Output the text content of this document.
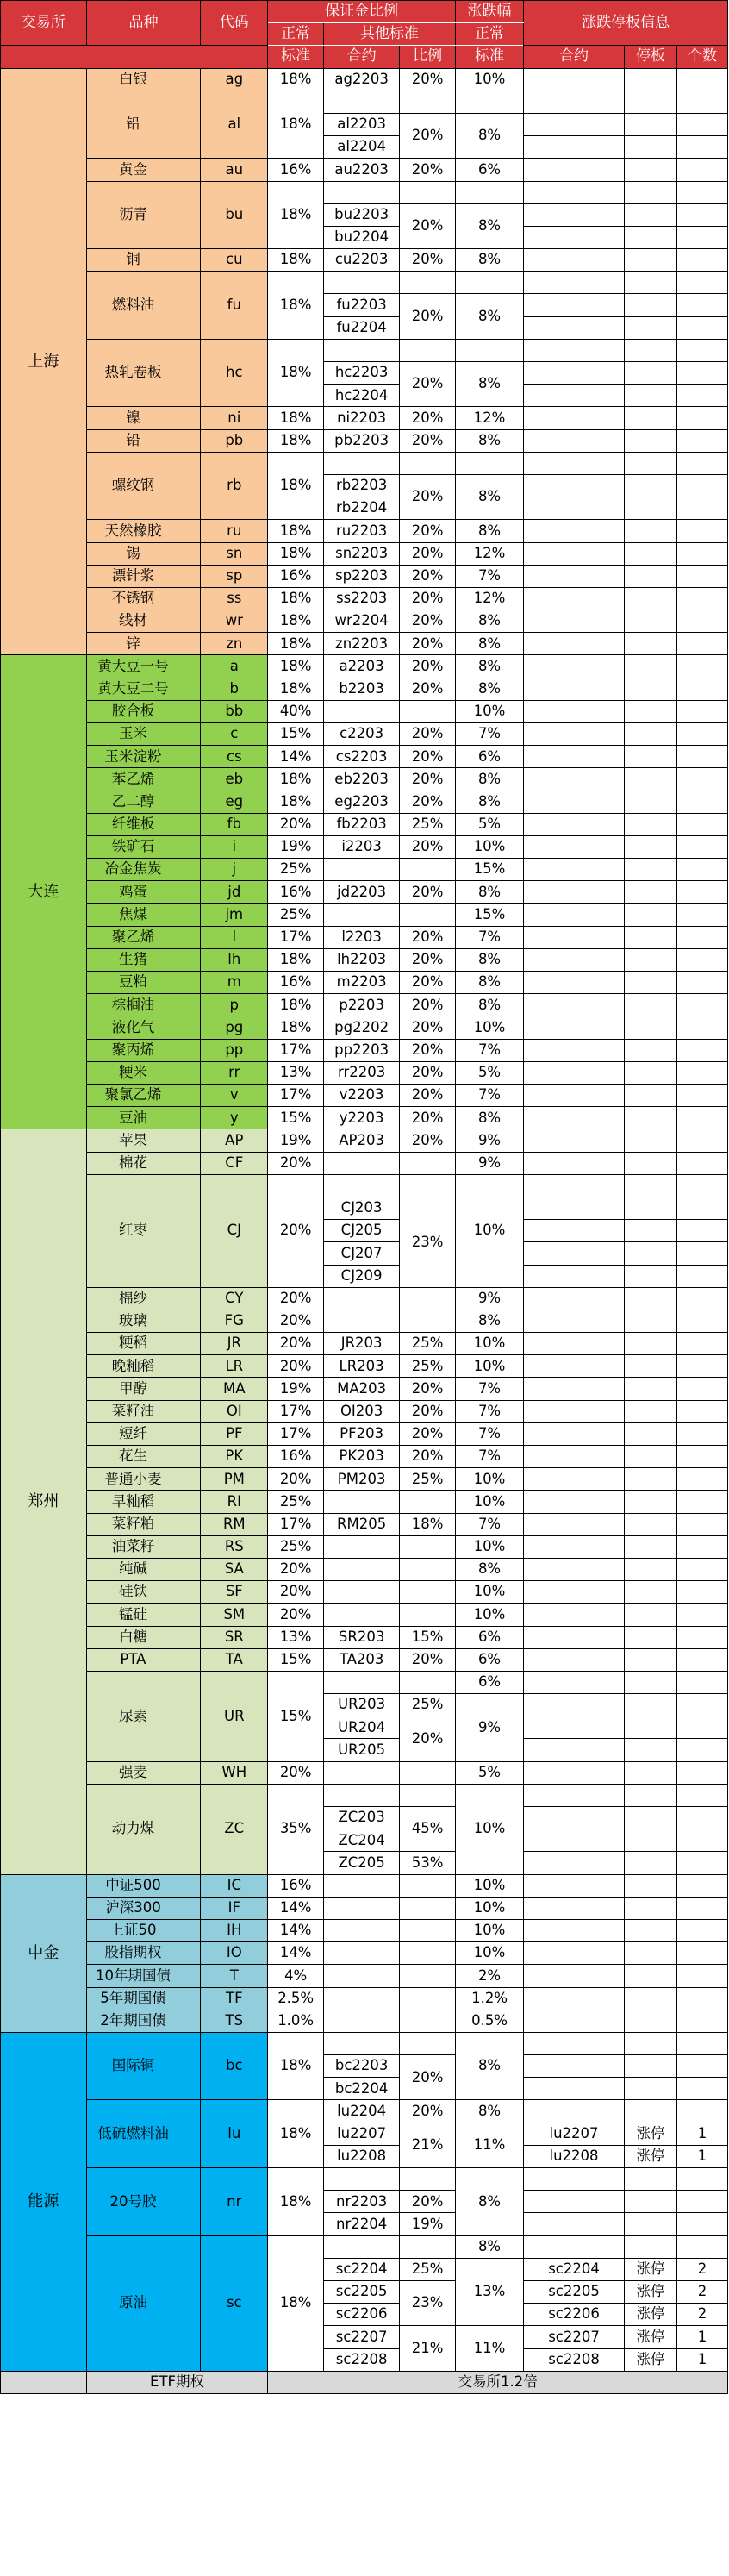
交易所	品种	代码	保证金比例			涨跌幅	涨跌停板信息		
			正常	其他标准		正常			
			标准	合约	比例	标准	合约	停板	个数
上海	白银	ag	18%	ag2203	20%	10%			
	铅	al	18%						
				al2203	20%	8%			
				al2204					
	黄金	au	16%	au2203	20%	6%			
	沥青	bu	18%						
				bu2203	20%	8%			
				bu2204					
	铜	cu	18%	cu2203	20%	8%			
	燃料油	fu	18%						
				fu2203	20%	8%			
				fu2204					
	热轧卷板	hc	18%						
				hc2203	20%	8%			
				hc2204					
	镍	ni	18%	ni2203	20%	12%			
	铅	pb	18%	pb2203	20%	8%			
	螺纹钢	rb	18%						
				rb2203	20%	8%			
				rb2204					
	天然橡胶	ru	18%	ru2203	20%	8%			
	锡	sn	18%	sn2203	20%	12%			
	漂针浆	sp	16%	sp2203	20%	7%			
	不锈钢	ss	18%	ss2203	20%	12%			
	线材	wr	18%	wr2204	20%	8%			
	锌	zn	18%	zn2203	20%	8%			
大连	黄大豆一号	a	18%	a2203	20%	8%			
	黄大豆二号	b	18%	b2203	20%	8%			
	胶合板	bb	40%			10%			
	玉米	c	15%	c2203	20%	7%			
	玉米淀粉	cs	14%	cs2203	20%	6%			
	苯乙烯	eb	18%	eb2203	20%	8%			
	乙二醇	eg	18%	eg2203	20%	8%			
	纤维板	fb	20%	fb2203	25%	5%			
	铁矿石	i	19%	i2203	20%	10%			
	冶金焦炭	j	25%			15%			
	鸡蛋	jd	16%	jd2203	20%	8%			
	焦煤	jm	25%			15%			
	聚乙烯	l	17%	l2203	20%	7%			
	生猪	lh	18%	lh2203	20%	8%			
	豆粕	m	16%	m2203	20%	8%			
	棕榈油	p	18%	p2203	20%	8%			
	液化气	pg	18%	pg2202	20%	10%			
	聚丙烯	pp	17%	pp2203	20%	7%			
	粳米	rr	13%	rr2203	20%	5%			
	聚氯乙烯	v	17%	v2203	20%	7%			
	豆油	y	15%	y2203	20%	8%			
郑州	苹果	AP	19%	AP203	20%	9%			
	棉花	CF	20%			9%			
	红枣	CJ	20%			10%			
				CJ203	23%				
				CJ205					
				CJ207					
				CJ209					
	棉纱	CY	20%			9%			
	玻璃	FG	20%			8%			
	粳稻	JR	20%	JR203	25%	10%			
	晚籼稻	LR	20%	LR203	25%	10%			
	甲醇	MA	19%	MA203	20%	7%			
	菜籽油	OI	17%	OI203	20%	7%			
	短纤	PF	17%	PF203	20%	7%			
	花生	PK	16%	PK203	20%	7%			
	普通小麦	PM	20%	PM203	25%	10%			
	早籼稻	RI	25%			10%			
	菜籽粕	RM	17%	RM205	18%	7%			
	油菜籽	RS	25%			10%			
	纯碱	SA	20%			8%			
	硅铁	SF	20%			10%			
	锰硅	SM	20%			10%			
	白糖	SR	13%	SR203	15%	6%			
	PTA	TA	15%	TA203	20%	6%			
	尿素	UR	15%			6%			
				UR203	25%	9%			
				UR204	20%				
				UR205					
	强麦	WH	20%			5%			
	动力煤	ZC	35%			10%			
				ZC203	45%				
				ZC204					
				ZC205	53%				
中金	中证500	IC	16%			10%			
	沪深300	IF	14%			10%			
	上证50	IH	14%			10%			
	股指期权	IO	14%			10%			
	10年期国债	T	4%			2%			
	5年期国债	TF	2.5%			1.2%			
	2年期国债	TS	1.0%			0.5%			
能源	国际铜	bc	18%			8%			
				bc2203	20%				
				bc2204					
	低硫燃料油	lu	18%	lu2204	20%	8%			
				lu2207	21%	11%	lu2207	涨停	1
				lu2208			lu2208	涨停	1
	20号胶	nr	18%			8%			
				nr2203	20%				
				nr2204	19%				
	原油	sc	18%			8%			
				sc2204	25%	13%	sc2204	涨停	2
				sc2205	23%		sc2205	涨停	2
				sc2206			sc2206	涨停	2
				sc2207	21%	11%	sc2207	涨停	1
				sc2208			sc2208	涨停	1
	ETF期权		交易所1.2倍						
